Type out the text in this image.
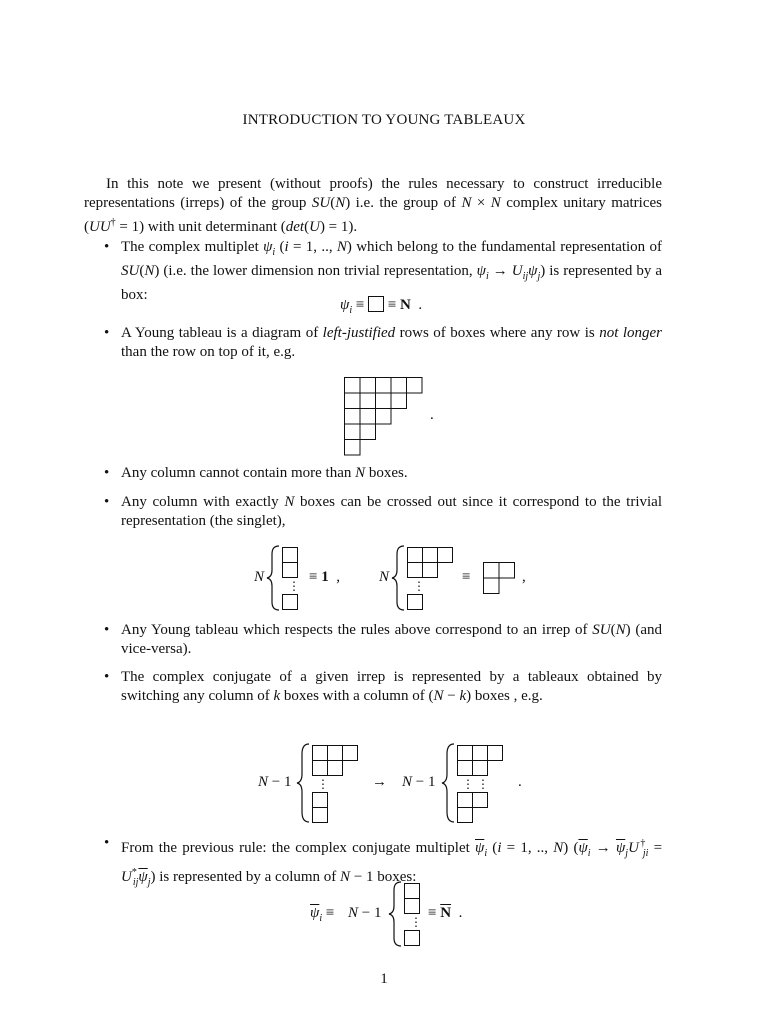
INTRODUCTION TO YOUNG TABLEAUX
In this note we present (without proofs) the rules necessary to construct irreducible representations (irreps) of the group SU(N) i.e. the group of N × N complex unitary matrices (UU† = 1) with unit determinant (det(U) = 1).
• The complex multiplet $\psi_i$ (i = 1, .., N) which belong to the fundamental representation of SU(N) (i.e. the lower dimension non trivial representation, $\psi_i \to U_{ij}\psi_j$) is represented by a box:
$\psi_i$ ≡  ≡ N  .
• A Young tableau is a diagram of left-justified rows of boxes where any row is not longer than the row on top of it, e.g.
.
• Any column cannot contain more than N boxes.
• Any column with exactly N boxes can be crossed out since it correspond to the trivial representation (the singlet),
N
⋮
≡ 1  ,	N
⋮
≡	,
• Any Young tableau which respects the rules above correspond to an irrep of SU(N) (and vice-versa).
• The complex conjugate of a given irrep is represented by a tableaux obtained by switching any column of k boxes with a column of (N − k) boxes , e.g.
N − 1 ⋮	→ N − 1 ⋮ ⋮ .
• From the previous rule: the complex conjugate multiplet $\overline{\psi}_i$ (i = 1, .., N) $(\overline{\psi}_i \to \overline{\psi}_jU^\dagger_{ji} = U^*_{ij}\overline{\psi}_j)$ is represented by a column of N − 1 boxes:
$\overline{\psi}_i \equiv N - 1$
⋮
≡ $\overline{N}$  .
1
